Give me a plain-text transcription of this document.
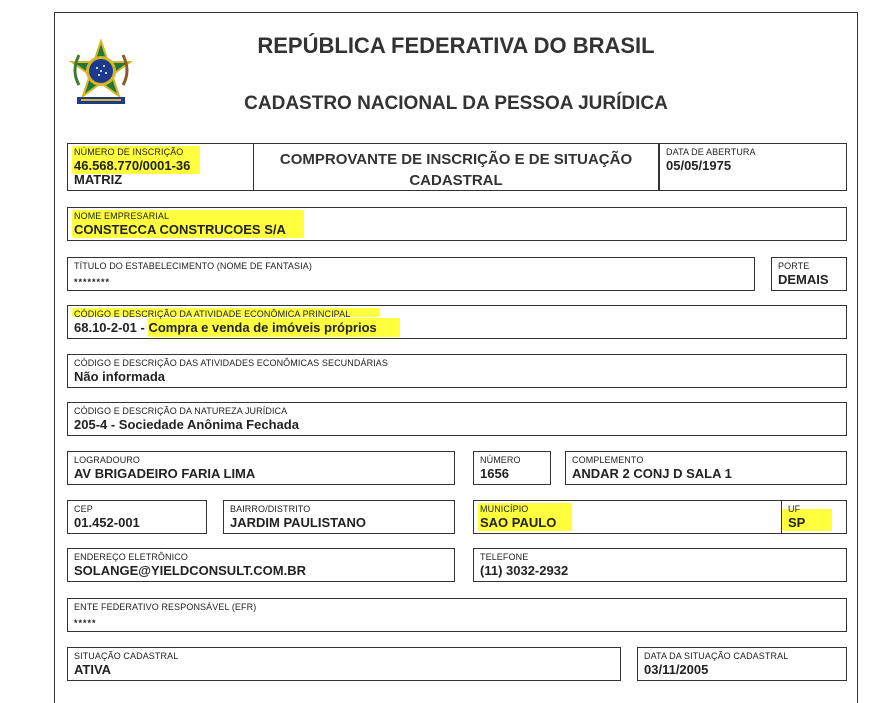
REPÚBLICA FEDERATIVA DO BRASIL
CADASTRO NACIONAL DA PESSOA JURÍDICA
NÚMERO DE INSCRIÇÃO
46.568.770/0001-36
MATRIZ
COMPROVANTE DE INSCRIÇÃO E DE SITUAÇÃO CADASTRAL
DATA DE ABERTURA
05/05/1975
NOME EMPRESARIAL
CONSTECCA CONSTRUCOES S/A
TÍTULO DO ESTABELECIMENTO (NOME DE FANTASIA)
********
PORTE
DEMAIS
CÓDIGO E DESCRIÇÃO DA ATIVIDADE ECONÔMICA PRINCIPAL
68.10-2-01 - Compra e venda de imóveis próprios
CÓDIGO E DESCRIÇÃO DAS ATIVIDADES ECONÔMICAS SECUNDÁRIAS
Não informada
CÓDIGO E DESCRIÇÃO DA NATUREZA JURÍDICA
205-4 - Sociedade Anônima Fechada
LOGRADOURO
AV BRIGADEIRO FARIA LIMA
NÚMERO
1656
COMPLEMENTO
ANDAR 2 CONJ D SALA 1
CEP
01.452-001
BAIRRO/DISTRITO
JARDIM PAULISTANO
MUNICÍPIO
SAO PAULO
UF
SP
ENDEREÇO ELETRÔNICO
SOLANGE@YIELDCONSULT.COM.BR
TELEFONE
(11) 3032-2932
ENTE FEDERATIVO RESPONSÁVEL (EFR)
*****
SITUAÇÃO CADASTRAL
ATIVA
DATA DA SITUAÇÃO CADASTRAL
03/11/2005
